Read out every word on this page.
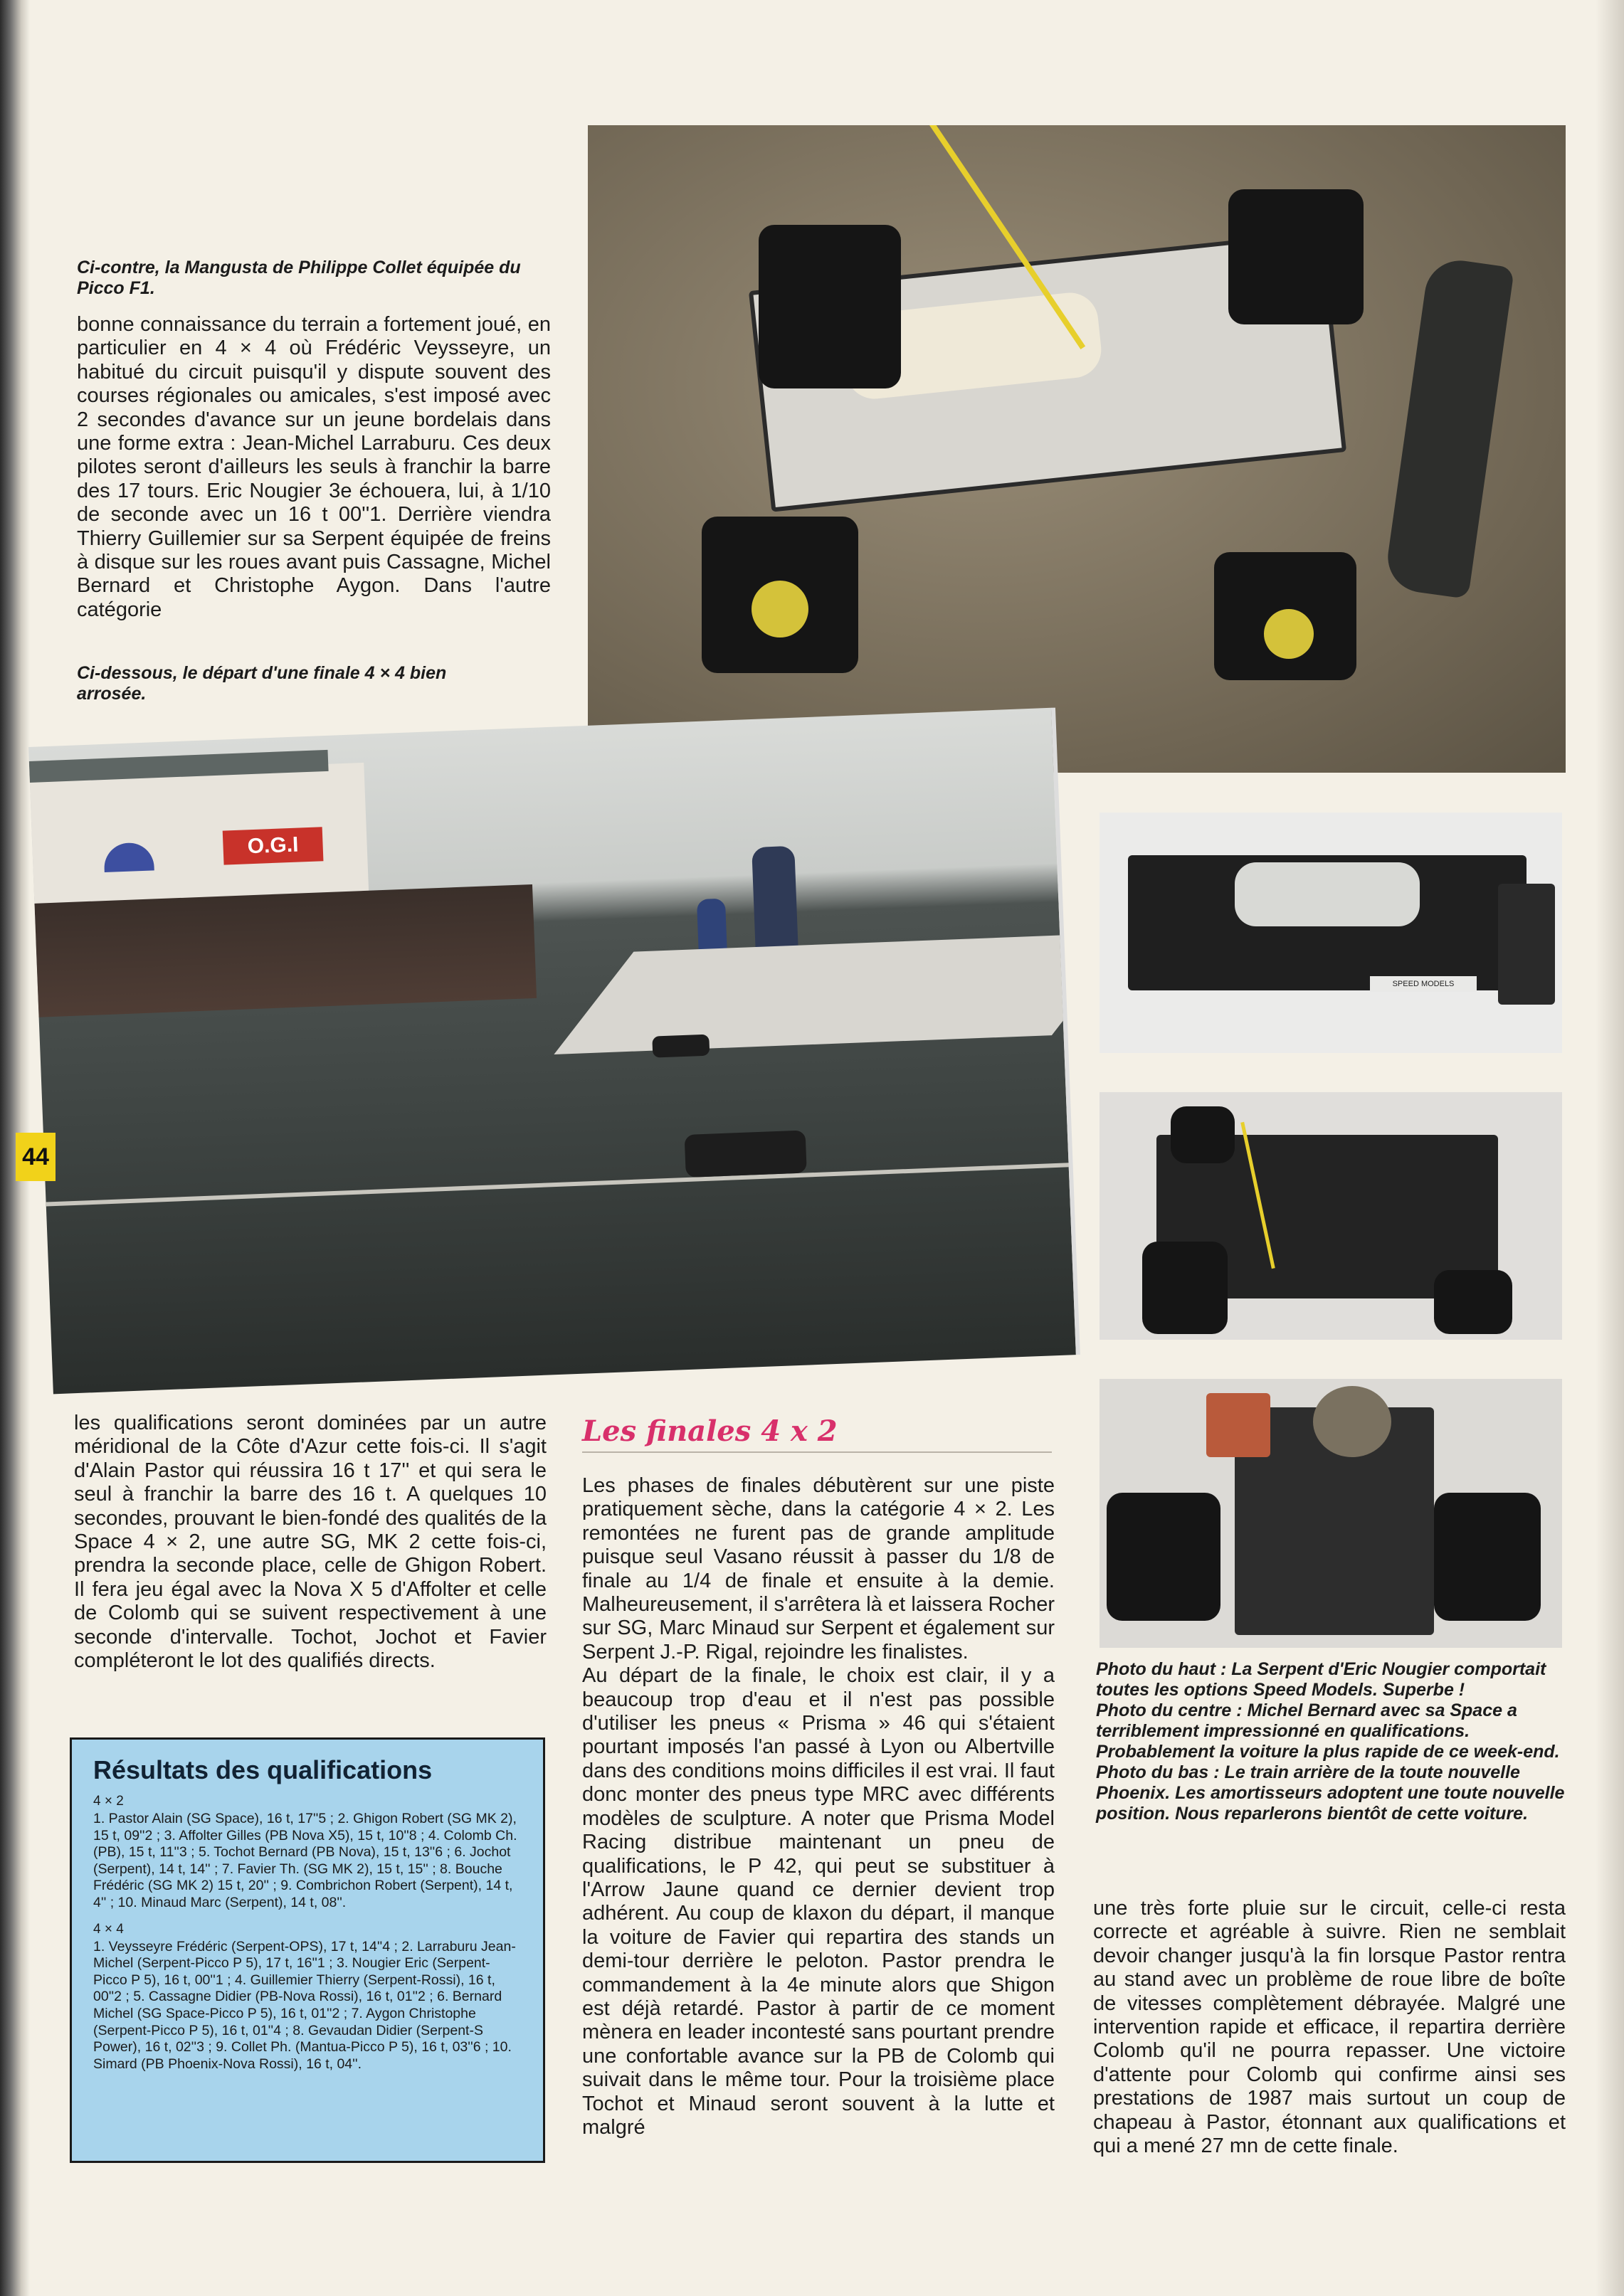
Ci-contre, la Mangusta de Philippe Collet équipée du Picco F1.

bonne connaissance du terrain a fortement joué, en particulier en 4 × 4 où Frédéric Veysseyre, un habitué du circuit puisqu'il y dispute souvent des courses régionales ou amicales, s'est imposé avec 2 secondes d'avance sur un jeune bordelais dans une forme extra : Jean-Michel Larraburu. Ces deux pilotes seront d'ailleurs les seuls à franchir la barre des 17 tours. Eric Nougier 3e échouera, lui, à 1/10 de seconde avec un 16 t 00''1. Derrière viendra Thierry Guillemier sur sa Serpent équipée de freins à disque sur les roues avant puis Cassagne, Michel Bernard et Christophe Aygon. Dans l'autre catégorie

Ci-dessous, le départ d'une finale 4 × 4 bien arrosée.
O.G.I
44
SPEED MODELS

les qualifications seront dominées par un autre méridional de la Côte d'Azur cette fois-ci. Il s'agit d'Alain Pastor qui réussira 16 t 17'' et qui sera le seul à franchir la barre des 16 t. A quelques 10 secondes, prouvant le bien-fondé des qualités de la Space 4 × 2, une autre SG, MK 2 cette fois-ci, prendra la seconde place, celle de Ghigon Robert. Il fera jeu égal avec la Nova X 5 d'Affolter et celle de Colomb qui se suivent respectivement à une seconde d'intervalle. Tochot, Jochot et Favier compléteront le lot des qualifiés directs.

Résultats des qualifications
4 × 2
1. Pastor Alain (SG Space), 16 t, 17''5 ; 2. Ghigon Robert (SG MK 2), 15 t, 09''2 ; 3. Affolter Gilles (PB Nova X5), 15 t, 10''8 ; 4. Colomb Ch. (PB), 15 t, 11''3 ; 5. Tochot Bernard (PB Nova), 15 t, 13''6 ; 6. Jochot (Serpent), 14 t, 14'' ; 7. Favier Th. (SG MK 2), 15 t, 15'' ; 8. Bouche Frédéric (SG MK 2) 15 t, 20'' ; 9. Combrichon Robert (Serpent), 14 t, 4'' ; 10. Minaud Marc (Serpent), 14 t, 08''.
4 × 4
1. Veysseyre Frédéric (Serpent-OPS), 17 t, 14''4 ; 2. Larraburu Jean-Michel (Serpent-Picco P 5), 17 t, 16''1 ; 3. Nougier Eric (Serpent-Picco P 5), 16 t, 00''1 ; 4. Guillemier Thierry (Serpent-Rossi), 16 t, 00''2 ; 5. Cassagne Didier (PB-Nova Rossi), 16 t, 01''2 ; 6. Bernard Michel (SG Space-Picco P 5), 16 t, 01''2 ; 7. Aygon Christophe (Serpent-Picco P 5), 16 t, 01''4 ; 8. Gevaudan Didier (Serpent-S Power), 16 t, 02''3 ; 9. Collet Ph. (Mantua-Picco P 5), 16 t, 03''6 ; 10. Simard (PB Phoenix-Nova Rossi), 16 t, 04''.
Les finales 4 x 2

Les phases de finales débutèrent sur une piste pratiquement sèche, dans la catégorie 4 × 2. Les remontées ne furent pas de grande amplitude puisque seul Vasano réussit à passer du 1/8 de finale au 1/4 de finale et ensuite à la demie. Malheureusement, il s'arrêtera là et laissera Rocher sur SG, Marc Minaud sur Serpent et également sur Serpent J.-P. Rigal, rejoindre les finalistes.

Au départ de la finale, le choix est clair, il y a beaucoup trop d'eau et il n'est pas possible d'utiliser les pneus « Prisma » 46 qui s'étaient pourtant imposés l'an passé à Lyon ou Albertville dans des conditions moins difficiles il est vrai. Il faut donc monter des pneus type MRC avec différents modèles de sculpture. A noter que Prisma Model Racing distribue maintenant un pneu de qualifications, le P 42, qui peut se substituer à l'Arrow Jaune quand ce dernier devient trop adhérent. Au coup de klaxon du départ, il manque la voiture de Favier qui repartira des stands un demi-tour derrière le peloton. Pastor prendra le commandement à la 4e minute alors que Shigon est déjà retardé. Pastor à partir de ce moment mènera en leader incontesté sans pourtant prendre une confortable avance sur la PB de Colomb qui suivait dans le même tour. Pour la troisième place Tochot et Minaud seront souvent à la lutte et malgré

Photo du haut : La Serpent d'Eric Nougier comportait toutes les options Speed Models. Superbe !
Photo du centre : Michel Bernard avec sa Space a terriblement impressionné en qualifications. Probablement la voiture la plus rapide de ce week-end.
Photo du bas : Le train arrière de la toute nouvelle Phoenix. Les amortisseurs adoptent une toute nouvelle position. Nous reparlerons bientôt de cette voiture.

une très forte pluie sur le circuit, celle-ci resta correcte et agréable à suivre. Rien ne semblait devoir changer jusqu'à la fin lorsque Pastor rentra au stand avec un problème de roue libre de boîte de vitesses complètement débrayée. Malgré une intervention rapide et efficace, il repartira derrière Colomb qu'il ne pourra repasser. Une victoire d'attente pour Colomb qui confirme ainsi ses prestations de 1987 mais surtout un coup de chapeau à Pastor, étonnant aux qualifications et qui a mené 27 mn de cette finale.
